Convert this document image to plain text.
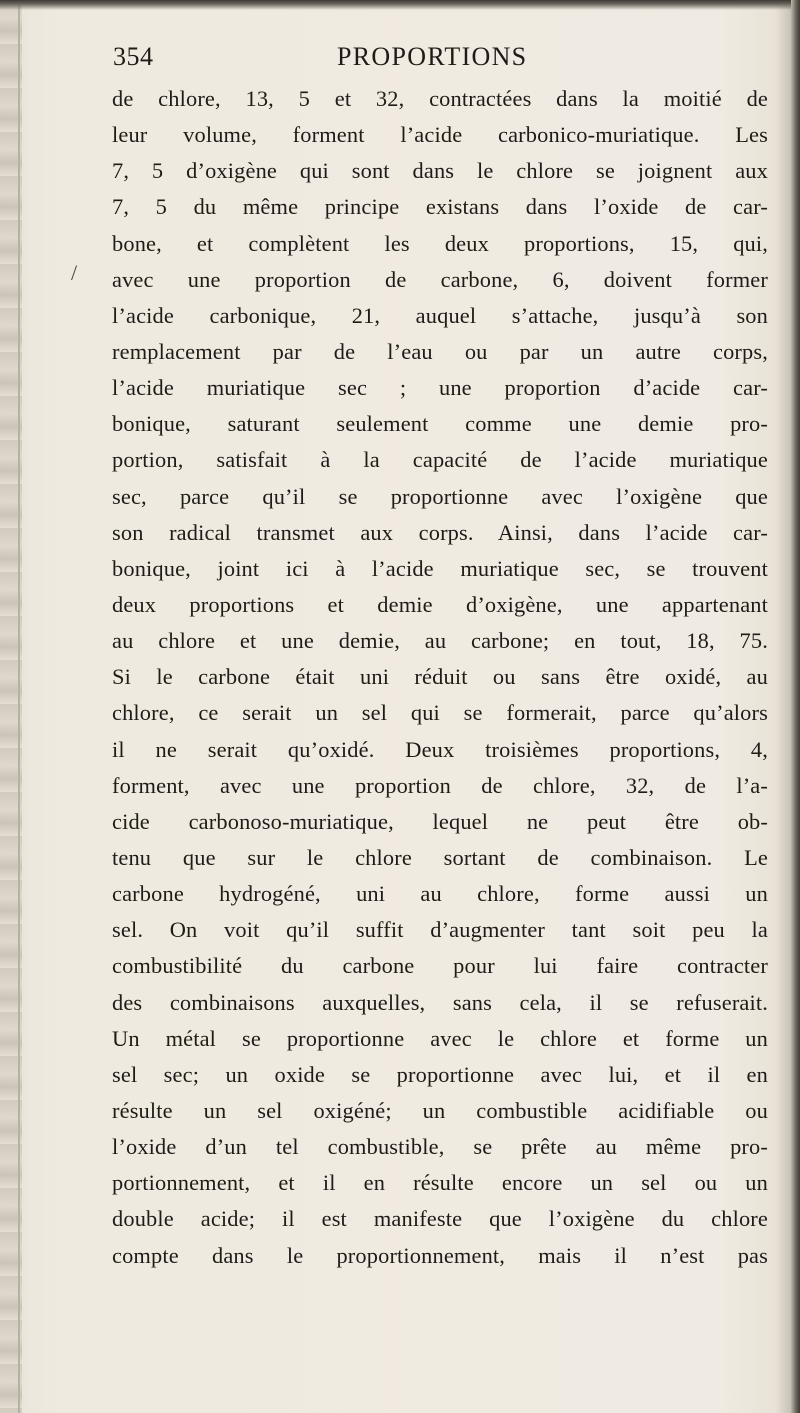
354	PROPORTIONS
/
de chlore, 13, 5 et 32, contractées dans la moitié de
leur volume, forment l’acide carbonico-muriatique. Les
7, 5 d’oxigène qui sont dans le chlore se joignent aux
7, 5 du même principe existans dans l’oxide de car-
bone, et complètent les deux proportions, 15, qui,
avec une proportion de carbone, 6, doivent former
l’acide carbonique, 21, auquel s’attache, jusqu’à son
remplacement par de l’eau ou par un autre corps,
l’acide muriatique sec ; une proportion d’acide car-
bonique, saturant seulement comme une demie pro-
portion, satisfait à la capacité de l’acide muriatique
sec, parce qu’il se proportionne avec l’oxigène que
son radical transmet aux corps. Ainsi, dans l’acide car-
bonique, joint ici à l’acide muriatique sec, se trouvent
deux proportions et demie d’oxigène, une appartenant
au chlore et une demie, au carbone; en tout, 18, 75.
Si le carbone était uni réduit ou sans être oxidé, au
chlore, ce serait un sel qui se formerait, parce qu’alors
il ne serait qu’oxidé. Deux troisièmes proportions, 4,
forment, avec une proportion de chlore, 32, de l’a-
cide carbonoso-muriatique, lequel ne peut être ob-
tenu que sur le chlore sortant de combinaison. Le
carbone hydrogéné, uni au chlore, forme aussi un
sel. On voit qu’il suffit d’augmenter tant soit peu la
combustibilité du carbone pour lui faire contracter
des combinaisons auxquelles, sans cela, il se refuserait.
Un métal se proportionne avec le chlore et forme un
sel sec; un oxide se proportionne avec lui, et il en
résulte un sel oxigéné; un combustible acidifiable ou
l’oxide d’un tel combustible, se prête au même pro-
portionnement, et il en résulte encore un sel ou un
double acide; il est manifeste que l’oxigène du chlore
compte dans le proportionnement, mais il n’est pas
